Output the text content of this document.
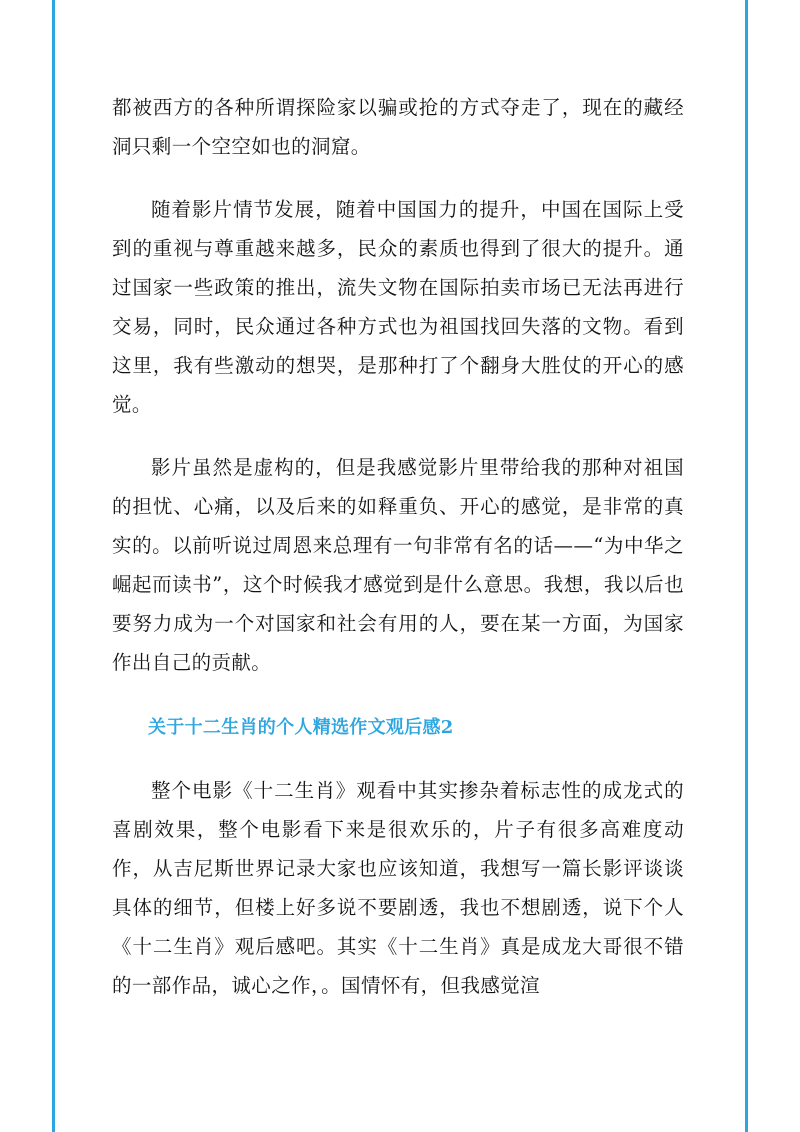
都被西方的各种所谓探险家以骗或抢的方式夺走了，现在的藏经洞只剩一个空空如也的洞窟。

随着影片情节发展，随着中国国力的提升，中国在国际上受到的重视与尊重越来越多，民众的素质也得到了很大的提升。通过国家一些政策的推出，流失文物在国际拍卖市场已无法再进行交易，同时，民众通过各种方式也为祖国找回失落的文物。看到这里，我有些激动的想哭，是那种打了个翻身大胜仗的开心的感觉。

影片虽然是虚构的，但是我感觉影片里带给我的那种对祖国的担忧、心痛，以及后来的如释重负、开心的感觉，是非常的真实的。以前听说过周恩来总理有一句非常有名的话——“为中华之崛起而读书”，这个时候我才感觉到是什么意思。我想，我以后也要努力成为一个对国家和社会有用的人，要在某一方面，为国家作出自己的贡献。

关于十二生肖的个人精选作文观后感2

整个电影《十二生肖》观看中其实掺杂着标志性的成龙式的喜剧效果，整个电影看下来是很欢乐的，片子有很多高难度动作，从吉尼斯世界记录大家也应该知道，我想写一篇长影评谈谈具体的细节，但楼上好多说不要剧透，我也不想剧透，说下个人《十二生肖》观后感吧。其实《十二生肖》真是成龙大哥很不错的一部作品，诚心之作，。国情怀有，但我感觉渲
